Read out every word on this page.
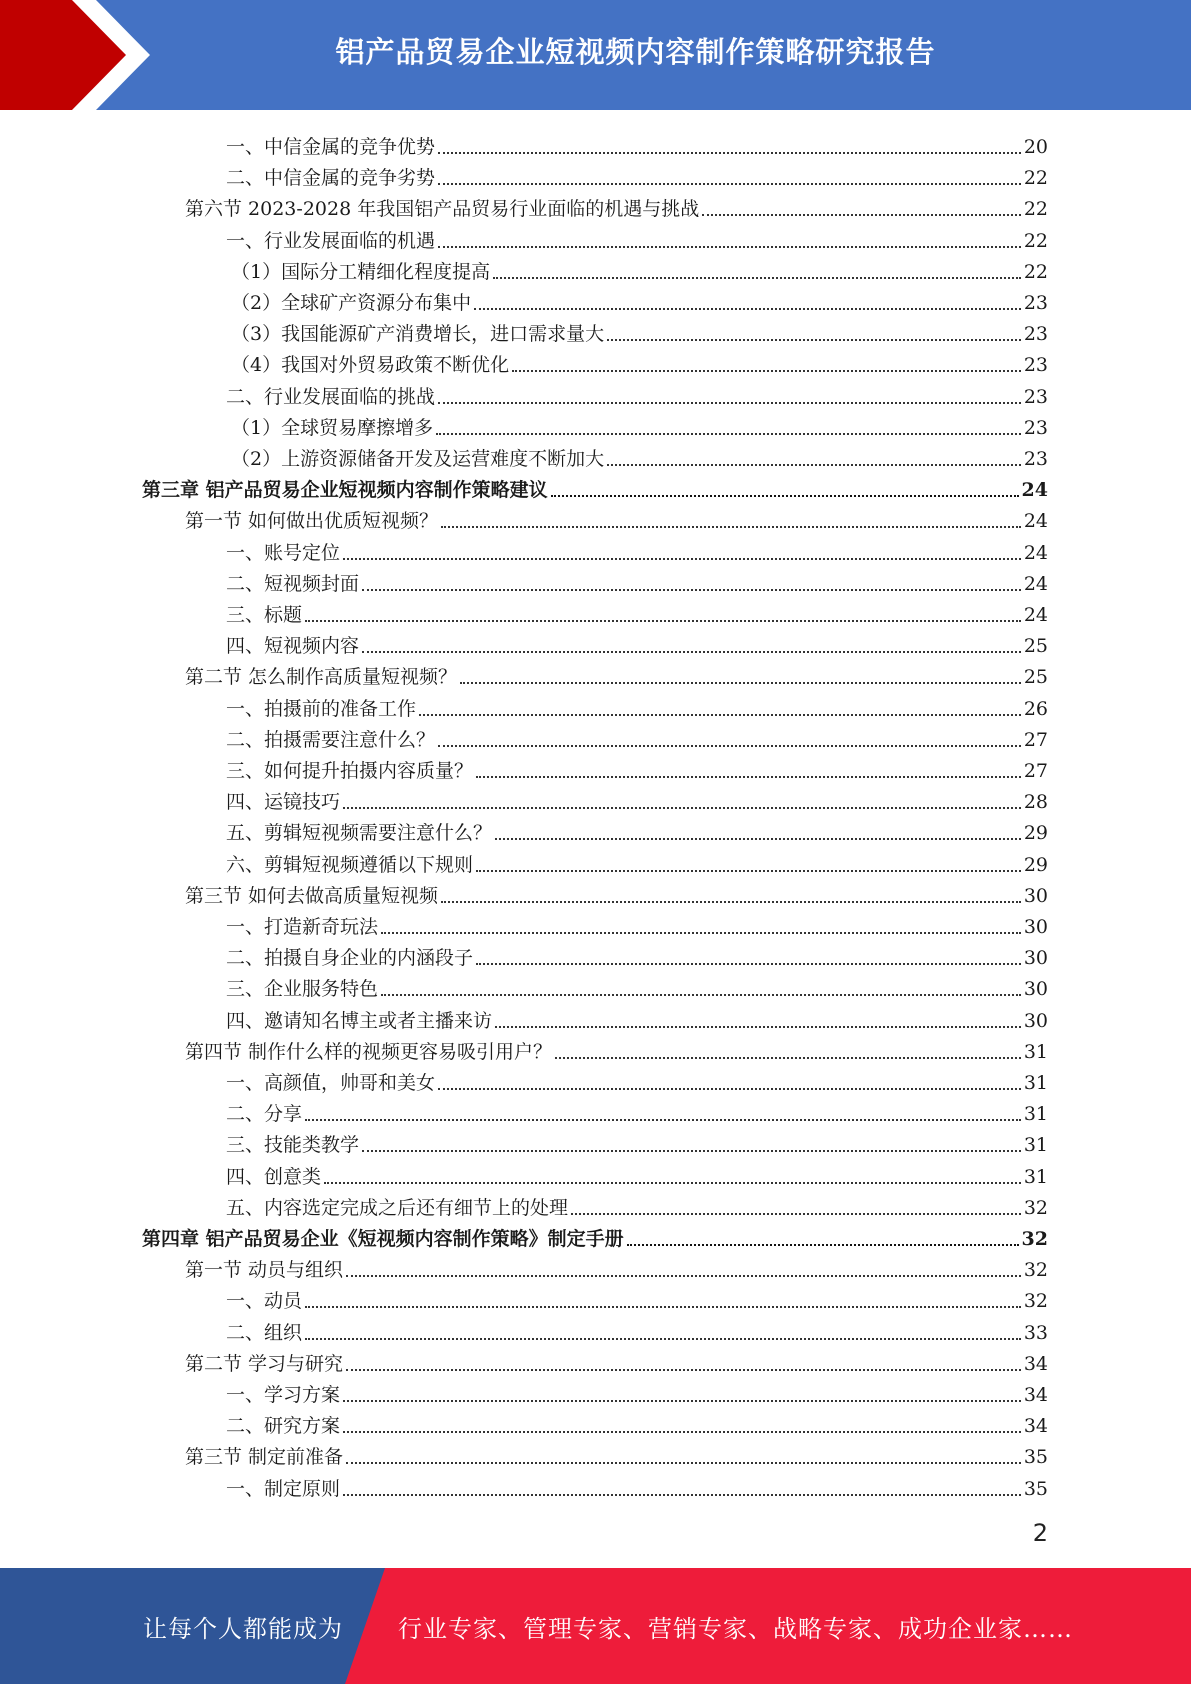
铝产品贸易企业短视频内容制作策略研究报告
一、中信金属的竞争优势	20
二、中信金属的竞争劣势	22
第六节 2023-2028 年我国铝产品贸易行业面临的机遇与挑战	22
一、行业发展面临的机遇	22
（1）国际分工精细化程度提高	22
（2）全球矿产资源分布集中	23
（3）我国能源矿产消费增长，进口需求量大	23
（4）我国对外贸易政策不断优化	23
二、行业发展面临的挑战	23
（1）全球贸易摩擦增多	23
（2）上游资源储备开发及运营难度不断加大	23
第三章 铝产品贸易企业短视频内容制作策略建议	24
第一节 如何做出优质短视频？	24
一、账号定位	24
二、短视频封面	24
三、标题	24
四、短视频内容	25
第二节 怎么制作高质量短视频？	25
一、拍摄前的准备工作	26
二、拍摄需要注意什么？	27
三、如何提升拍摄内容质量？	27
四、运镜技巧	28
五、剪辑短视频需要注意什么？	29
六、剪辑短视频遵循以下规则	29
第三节 如何去做高质量短视频	30
一、打造新奇玩法	30
二、拍摄自身企业的内涵段子	30
三、企业服务特色	30
四、邀请知名博主或者主播来访	30
第四节 制作什么样的视频更容易吸引用户？	31
一、高颜值，帅哥和美女	31
二、分享	31
三、技能类教学	31
四、创意类	31
五、内容选定完成之后还有细节上的处理	32
第四章 铝产品贸易企业《短视频内容制作策略》制定手册	32
第一节 动员与组织	32
一、动员	32
二、组织	33
第二节 学习与研究	34
一、学习方案	34
二、研究方案	34
第三节 制定前准备	35
一、制定原则	35
2
让每个人都能成为 行业专家、管理专家、营销专家、战略专家、成功企业家……
